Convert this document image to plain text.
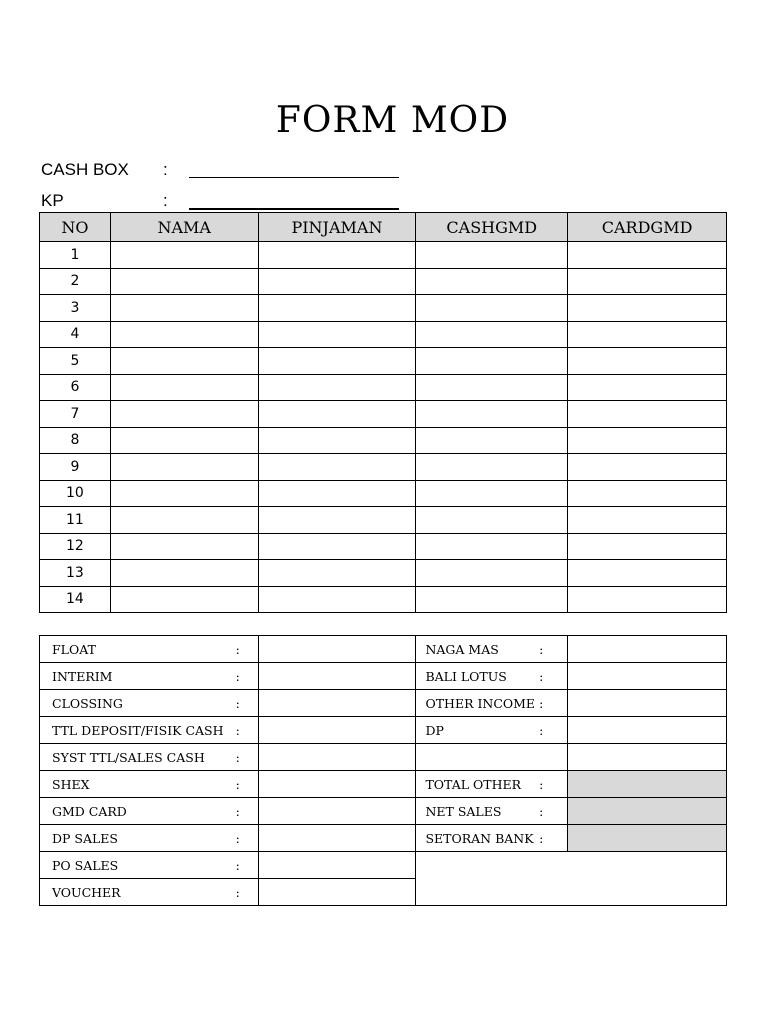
FORM MOD
CASH BOX	:
KP	:
NO	NAMA	PINJAMAN	CASHGMD	CARDGMD
1				
2				
3				
4				
5				
6				
7				
8				
9				
10				
11				
12				
13				
14				
FLOAT :		NAGA MAS :	

INTERIM :		BALI LOTUS :	

CLOSSING :		OTHER INCOME :	

TTL DEPOSIT/FISIK CASH :		DP :	

SYST TTL/SALES CASH :			

SHEX :		TOTAL OTHER :	

GMD CARD :		NET SALES :	

DP SALES :		SETORAN BANK :	

PO SALES :			

VOUCHER :			
